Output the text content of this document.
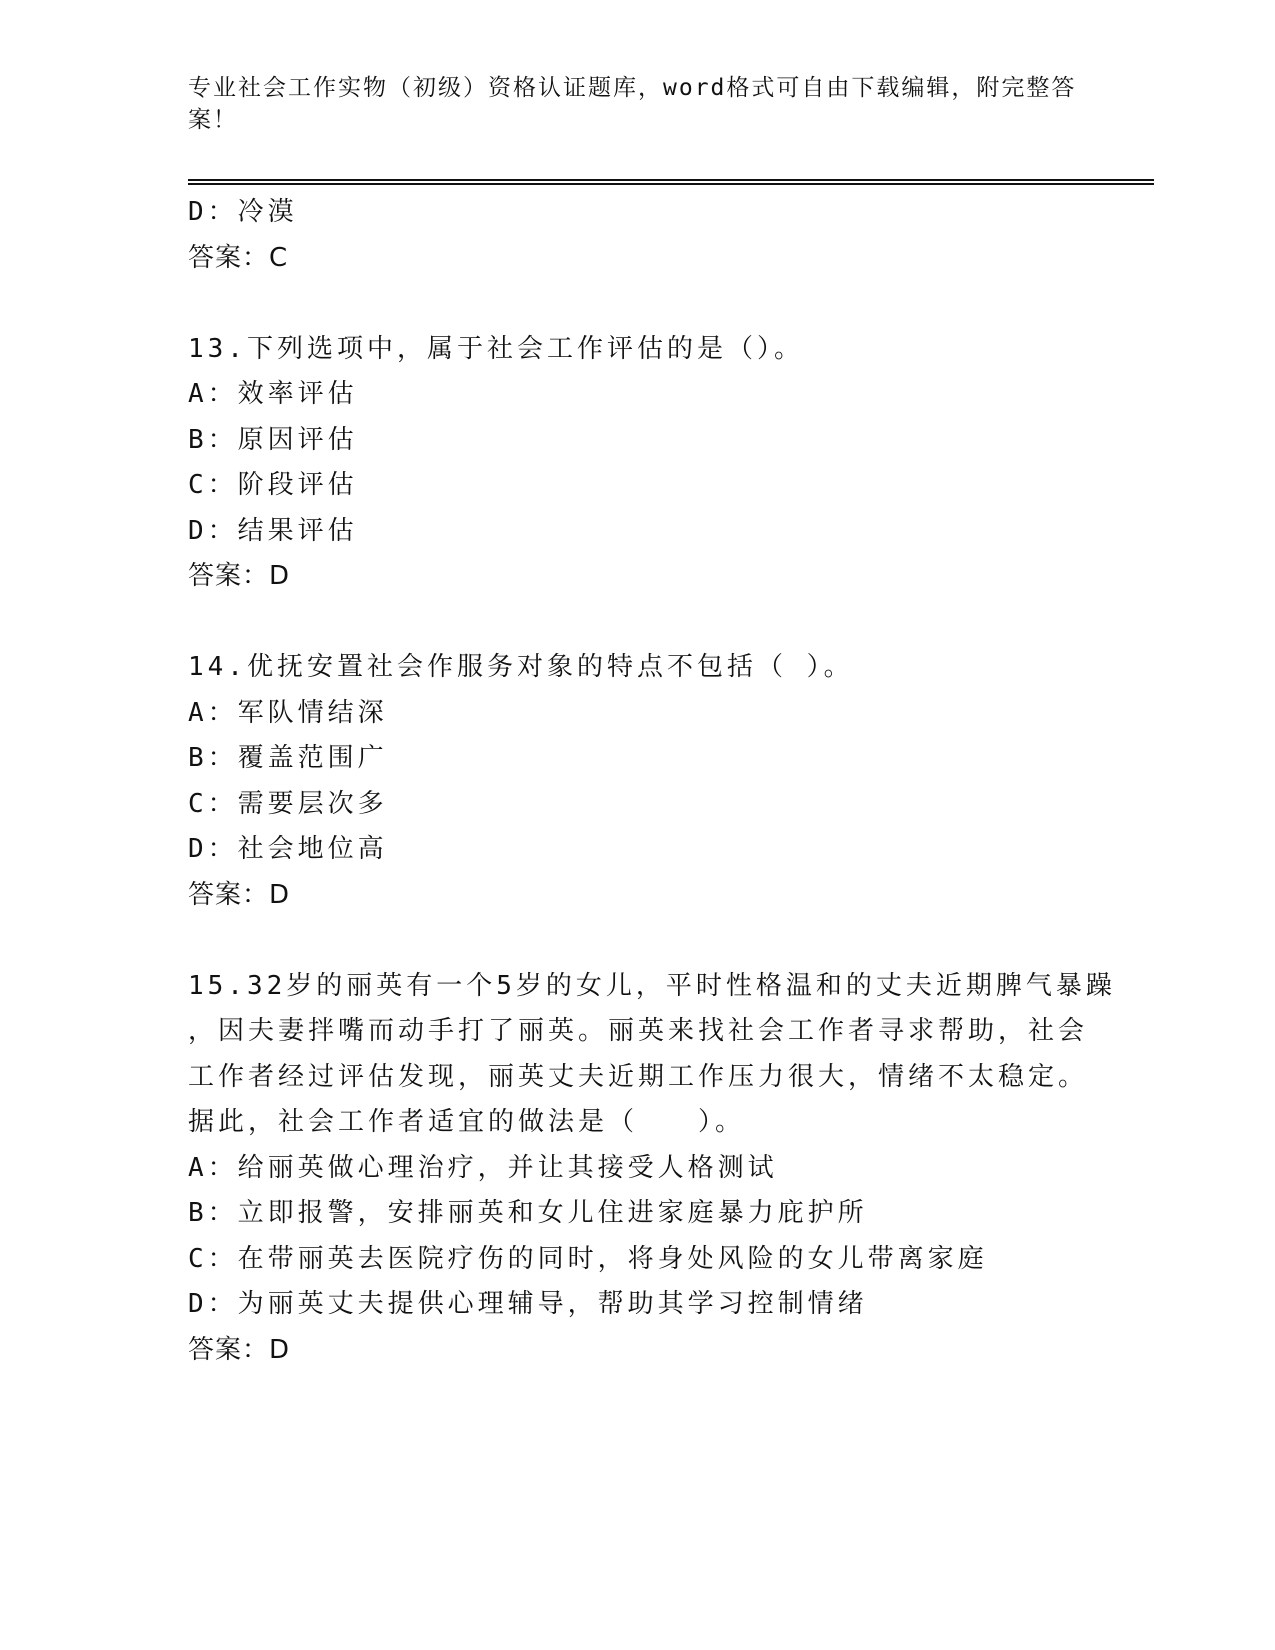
专业社会工作实物（初级）资格认证题库，word格式可自由下载编辑，附完整答案！
D：冷漠
答案：C
13.下列选项中，属于社会工作评估的是（）。
A：效率评估
B：原因评估
C：阶段评估
D：结果评估
答案：D
14.优抚安置社会作服务对象的特点不包括（ ）。
A：军队情结深
B：覆盖范围广
C：需要层次多
D：社会地位高
答案：D
15.32岁的丽英有一个5岁的女儿，平时性格温和的丈夫近期脾气暴躁
，因夫妻拌嘴而动手打了丽英。丽英来找社会工作者寻求帮助，社会
工作者经过评估发现，丽英丈夫近期工作压力很大，情绪不太稳定。
据此，社会工作者适宜的做法是（　　）。
A：给丽英做心理治疗，并让其接受人格测试
B：立即报警，安排丽英和女儿住进家庭暴力庇护所
C：在带丽英去医院疗伤的同时，将身处风险的女儿带离家庭
D：为丽英丈夫提供心理辅导，帮助其学习控制情绪
答案：D
